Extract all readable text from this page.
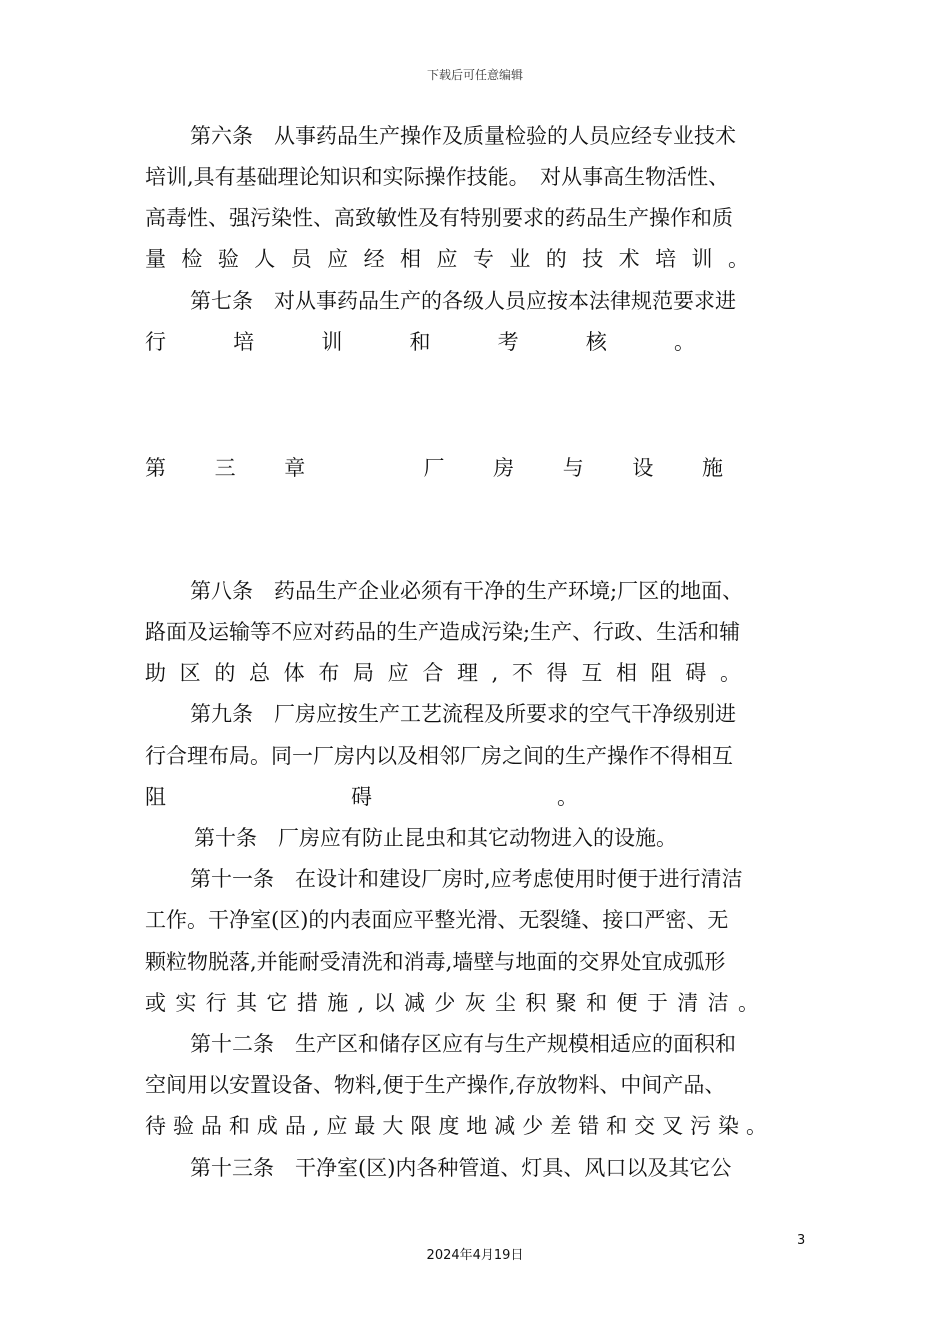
下载后可任意编辑
第六条　从事药品生产操作及质量检验的人员应经专业技术
培训,具有基础理论知识和实际操作技能。　对从事高生物活性、
高毒性、强污染性、高致敏性及有特别要求的药品生产操作和质
量检验人员应经相应专业的技术培训。
第七条　对从事药品生产的各级人员应按本法律规范要求进
行培训和考核。
第三章　厂房与设施
第八条　药品生产企业必须有干净的生产环境;厂区的地面、
路面及运输等不应对药品的生产造成污染;生产、行政、生活和辅
助区的总体布局应合理,不得互相阻碍。
第九条　厂房应按生产工艺流程及所要求的空气干净级别进
行合理布局。同一厂房内以及相邻厂房之间的生产操作不得相互
阻碍。
第十条　厂房应有防止昆虫和其它动物进入的设施。
第十一条　在设计和建设厂房时,应考虑使用时便于进行清洁
工作。干净室(区)的内表面应平整光滑、无裂缝、接口严密、无
颗粒物脱落,并能耐受清洗和消毒,墙壁与地面的交界处宜成弧形
或实行其它措施,以减少灰尘积聚和便于清洁。
第十二条　生产区和储存区应有与生产规模相适应的面积和
空间用以安置设备、物料,便于生产操作,存放物料、中间产品、
待验品和成品,应最大限度地减少差错和交叉污染。
第十三条　干净室(区)内各种管道、灯具、风口以及其它公
3
2024年4月19日
